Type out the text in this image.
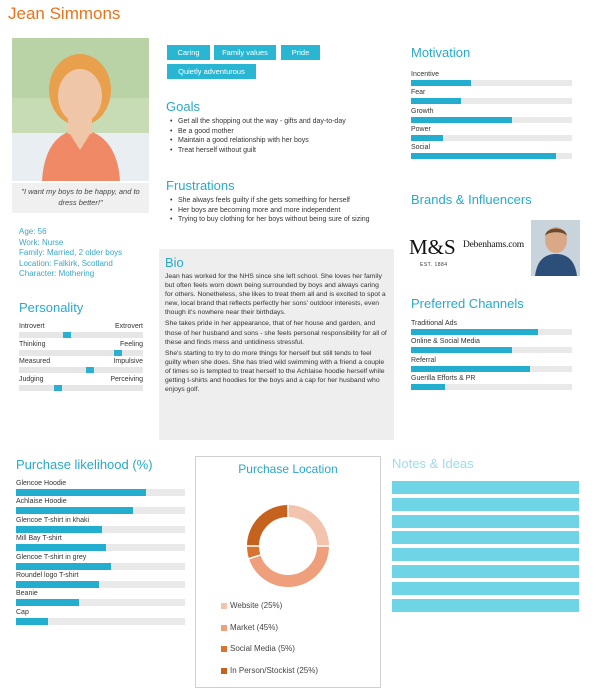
Jean Simmons
"I want my boys to be happy, and to dress better!"
Age: 56
Work: Nurse
Family: Married, 2 older boys
Location: Falkirk, Scotland
Character: Mothering
Caring	Family values	Pride
Quietly adventurous
Goals
• Get all the shopping out the way - gifts and day-to-day
• Be a good mother
• Maintain a good relationship with her boys
• Treat herself without guilt
Frustrations
• She always feels guilty if she gets something for herself
• Her boys are becoming more and more independent
• Trying to buy clothing for her boys without being sure of sizing
Bio
Jean has worked for the NHS since she left school. She loves her family but often feels worn down being surrounded by boys and always caring for others. Nonetheless, she likes to treat them all and is excited to spot a new, local brand that reflects perfectly her sons' outdoor interests, even though it's nowhere near their birthdays.
She takes pride in her appearance, that of her house and garden, and those of her husband and sons - she feels personal responsibility for all of these and finds mess and untidiness stressful.
She's starting to try to do more things for herself but still tends to feel guilty when she does. She has tried wild swimming with a friend a couple of times so is tempted to treat herself to the Achlaise hoodie herself while getting t-shirts and hoodies for the boys and a cap for her husband who enjoys golf.
Personality
Introvert	Extrovert
Thinking	Feeling
Measured	Impulsive
Judging	Perceiving
Motivation
Incentive
Fear
Growth
Power
Social
Brands & Influencers
M&S
EST. 1884
Debenhams.com
Preferred Channels
Traditional Ads
Online & Social Media
Referral
Guerilla Efforts & PR
Purchase likelihood (%)
Glencoe Hoodie
Achlaise Hoodie
Glencoe T-shirt in khaki
Mill Bay T-shirt
Glencoe T-shirt in grey
Roundel logo T-shirt
Beanie
Cap
Purchase Location
Website (25%)
Market (45%)
Social Media (5%)
In Person/Stockist (25%)
Notes & Ideas
